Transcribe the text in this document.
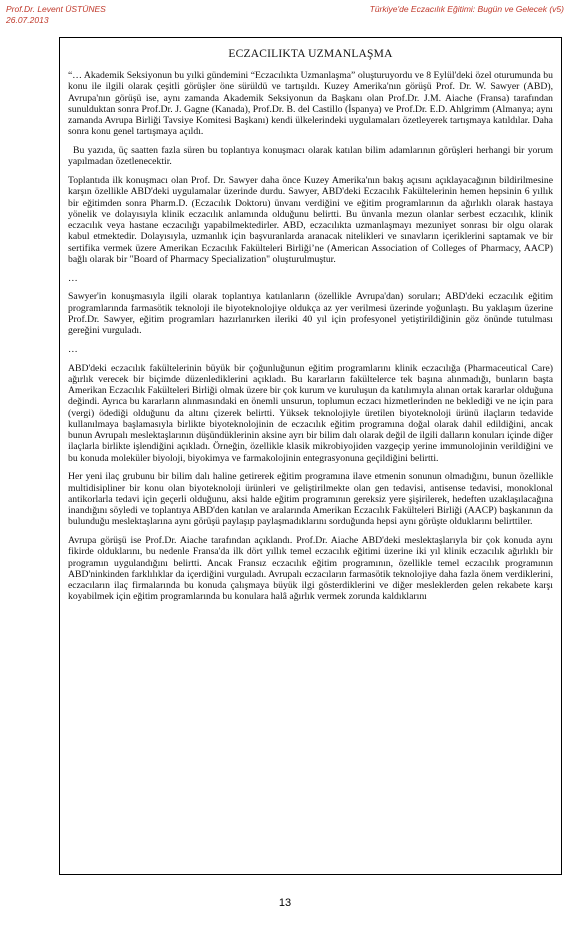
Prof.Dr. Levent ÜSTÜNES
26.07.2013
Türkiye'de Eczacılık Eğitimi: Bugün ve Gelecek (v5)
ECZACILIKTA UZMANLAŞMA

“… Akademik Seksiyonun bu yılki gündemini “Eczacılıkta Uzmanlaşma” oluşturuyordu ve 8 Eylül'deki özel oturumunda bu konu ile ilgili olarak çeşitli görüşler öne sürüldü ve tartışıldı. Kuzey Amerika'nın görüşü Prof. Dr. W. Sawyer (ABD), Avrupa'nın görüşü ise, aynı zamanda Akademik Seksiyonun da Başkanı olan Prof.Dr. J.M. Aiache (Fransa) tarafından sunulduktan sonra Prof.Dr. J. Gagne (Kanada), Prof.Dr. B. del Castillo (İspanya) ve Prof.Dr. E.D. Ahlgrimm (Almanya; aynı zamanda Avrupa Birliği Tavsiye Komitesi Başkanı) kendi ülkelerindeki uygulamaları özetleyerek tartışmaya katıldılar. Daha sonra konu genel tartışmaya açıldı.

Bu yazıda, üç saatten fazla süren bu toplantıya konuşmacı olarak katılan bilim adamlarının görüşleri herhangi bir yorum yapılmadan özetlenecektir.

Toplantıda ilk konuşmacı olan Prof. Dr. Sawyer daha önce Kuzey Amerika'nın bakış açısını açıklayacağının bildirilmesine karşın özellikle ABD'deki uygulamalar üzerinde durdu. Sawyer, ABD'deki Eczacılık Fakültelerinin hemen hepsinin 6 yıllık bir eğitimden sonra Pharm.D. (Eczacılık Doktoru) ünvanı verdiğini ve eğitim programlarının da ağırlıklı olarak hastaya yönelik ve dolayısıyla klinik eczacılık anlamında olduğunu belirtti. Bu ünvanla mezun olanlar serbest eczacılık, klinik eczacılık veya hastane eczacılığı yapabilmektedirler. ABD, eczacılıkta uzmanlaşmayı mezuniyet sonrası bir olgu olarak kabul etmektedir. Dolayısıyla, uzmanlık için başvuranlarda aranacak nitelikleri ve sınavların içeriklerini saptamak ve bir sertifika vermek üzere Amerikan Eczacılık Fakülteleri Birliği’ne (American Association of Colleges of Pharmacy, AACP) bağlı olarak bir "Board of Pharmacy Specialization" oluşturulmuştur.

…

Sawyer'in konuşmasıyla ilgili olarak toplantıya katılanların (özellikle Avrupa'dan) soruları; ABD'deki eczacılık eğitim programlarında farmasötik teknoloji ile biyoteknolojiye oldukça az yer verilmesi üzerinde yoğunlaştı. Bu yaklaşım üzerine Prof.Dr. Sawyer, eğitim programları hazırlanırken ileriki 40 yıl için profesyonel yetiştirildiğinin göz önünde tutulması gereğini vurguladı.

…

ABD'deki eczacılık fakültelerinin büyük bir çoğunluğunun eğitim programlarını klinik eczacılığa (Pharmaceutical Care) ağırlık verecek bir biçimde düzenlediklerini açıkladı. Bu kararların fakültelerce tek başına alınmadığı, bunların başta Amerikan Eczacılık Fakülteleri Birliği olmak üzere bir çok kurum ve kuruluşun da katılımıyla alınan ortak kararlar olduğuna değindi. Ayrıca bu kararların alınmasındaki en önemli unsurun, toplumun eczacı hizmetlerinden ne beklediği ve ne için para (vergi) ödediği olduğunu da altını çizerek belirtti. Yüksek teknolojiyle üretilen biyoteknoloji ürünü ilaçların tedavide kullanılmaya başlamasıyla birlikte biyoteknolojinin de eczacılık eğitim programına doğal olarak dahil edildiğini, ancak bunun Avrupalı meslektaşlarının düşündüklerinin aksine ayrı bir bilim dalı olarak değil de ilgili dalların konuları içinde diğer ilaçlarla birlikte işlendiğini açıkladı. Örneğin, özellikle klasik mikrobiyojiden vazgeçip yerine immunolojinin verildiğini ve bu konuda moleküler biyoloji, biyokimya ve farmakolojinin entegrasyonuna geçildiğini belirtti.

Her yeni ilaç grubunu bir bilim dalı haline getirerek eğitim programına ilave etmenin sonunun olmadığını, bunun özellikle multidisipliner bir konu olan biyoteknoloji ürünleri ve geliştirilmekte olan gen tedavisi, antisense tedavisi, monoklonal antikorlarla tedavi için geçerli olduğunu, aksi halde eğitim programının gereksiz yere şişirilerek, hedeften uzaklaşılacağına inandığını söyledi ve toplantıya ABD'den katılan ve aralarında Amerikan Eczacılık Fakülteleri Birliği (AACP) başkanının da bulunduğu meslektaşlarına aynı görüşü paylaşıp paylaşmadıklarını sorduğunda hepsi aynı görüşte olduklarını belirttiler.

Avrupa görüşü ise Prof.Dr. Aiache tarafından açıklandı. Prof.Dr. Aiache ABD'deki meslektaşlarıyla bir çok konuda aynı fikirde olduklarını, bu nedenle Fransa'da ilk dört yıllık temel eczacılık eğitimi üzerine iki yıl klinik eczacılık ağırlıklı bir programın uygulandığını belirtti. Ancak Fransız eczacılık eğitim programının, özellikle temel eczacılık programının ABD'ninkinden farklılıklar da içerdiğini vurguladı. Avrupalı eczacıların farmasötik teknolojiye daha fazla önem verdiklerini, eczacıların ilaç firmalarında bu konuda çalışmaya büyük ilgi gösterdiklerini ve diğer mesleklerden gelen rekabete karşı koyabilmek için eğitim programlarında bu konulara halâ ağırlık vermek zorunda kaldıklarını

13
